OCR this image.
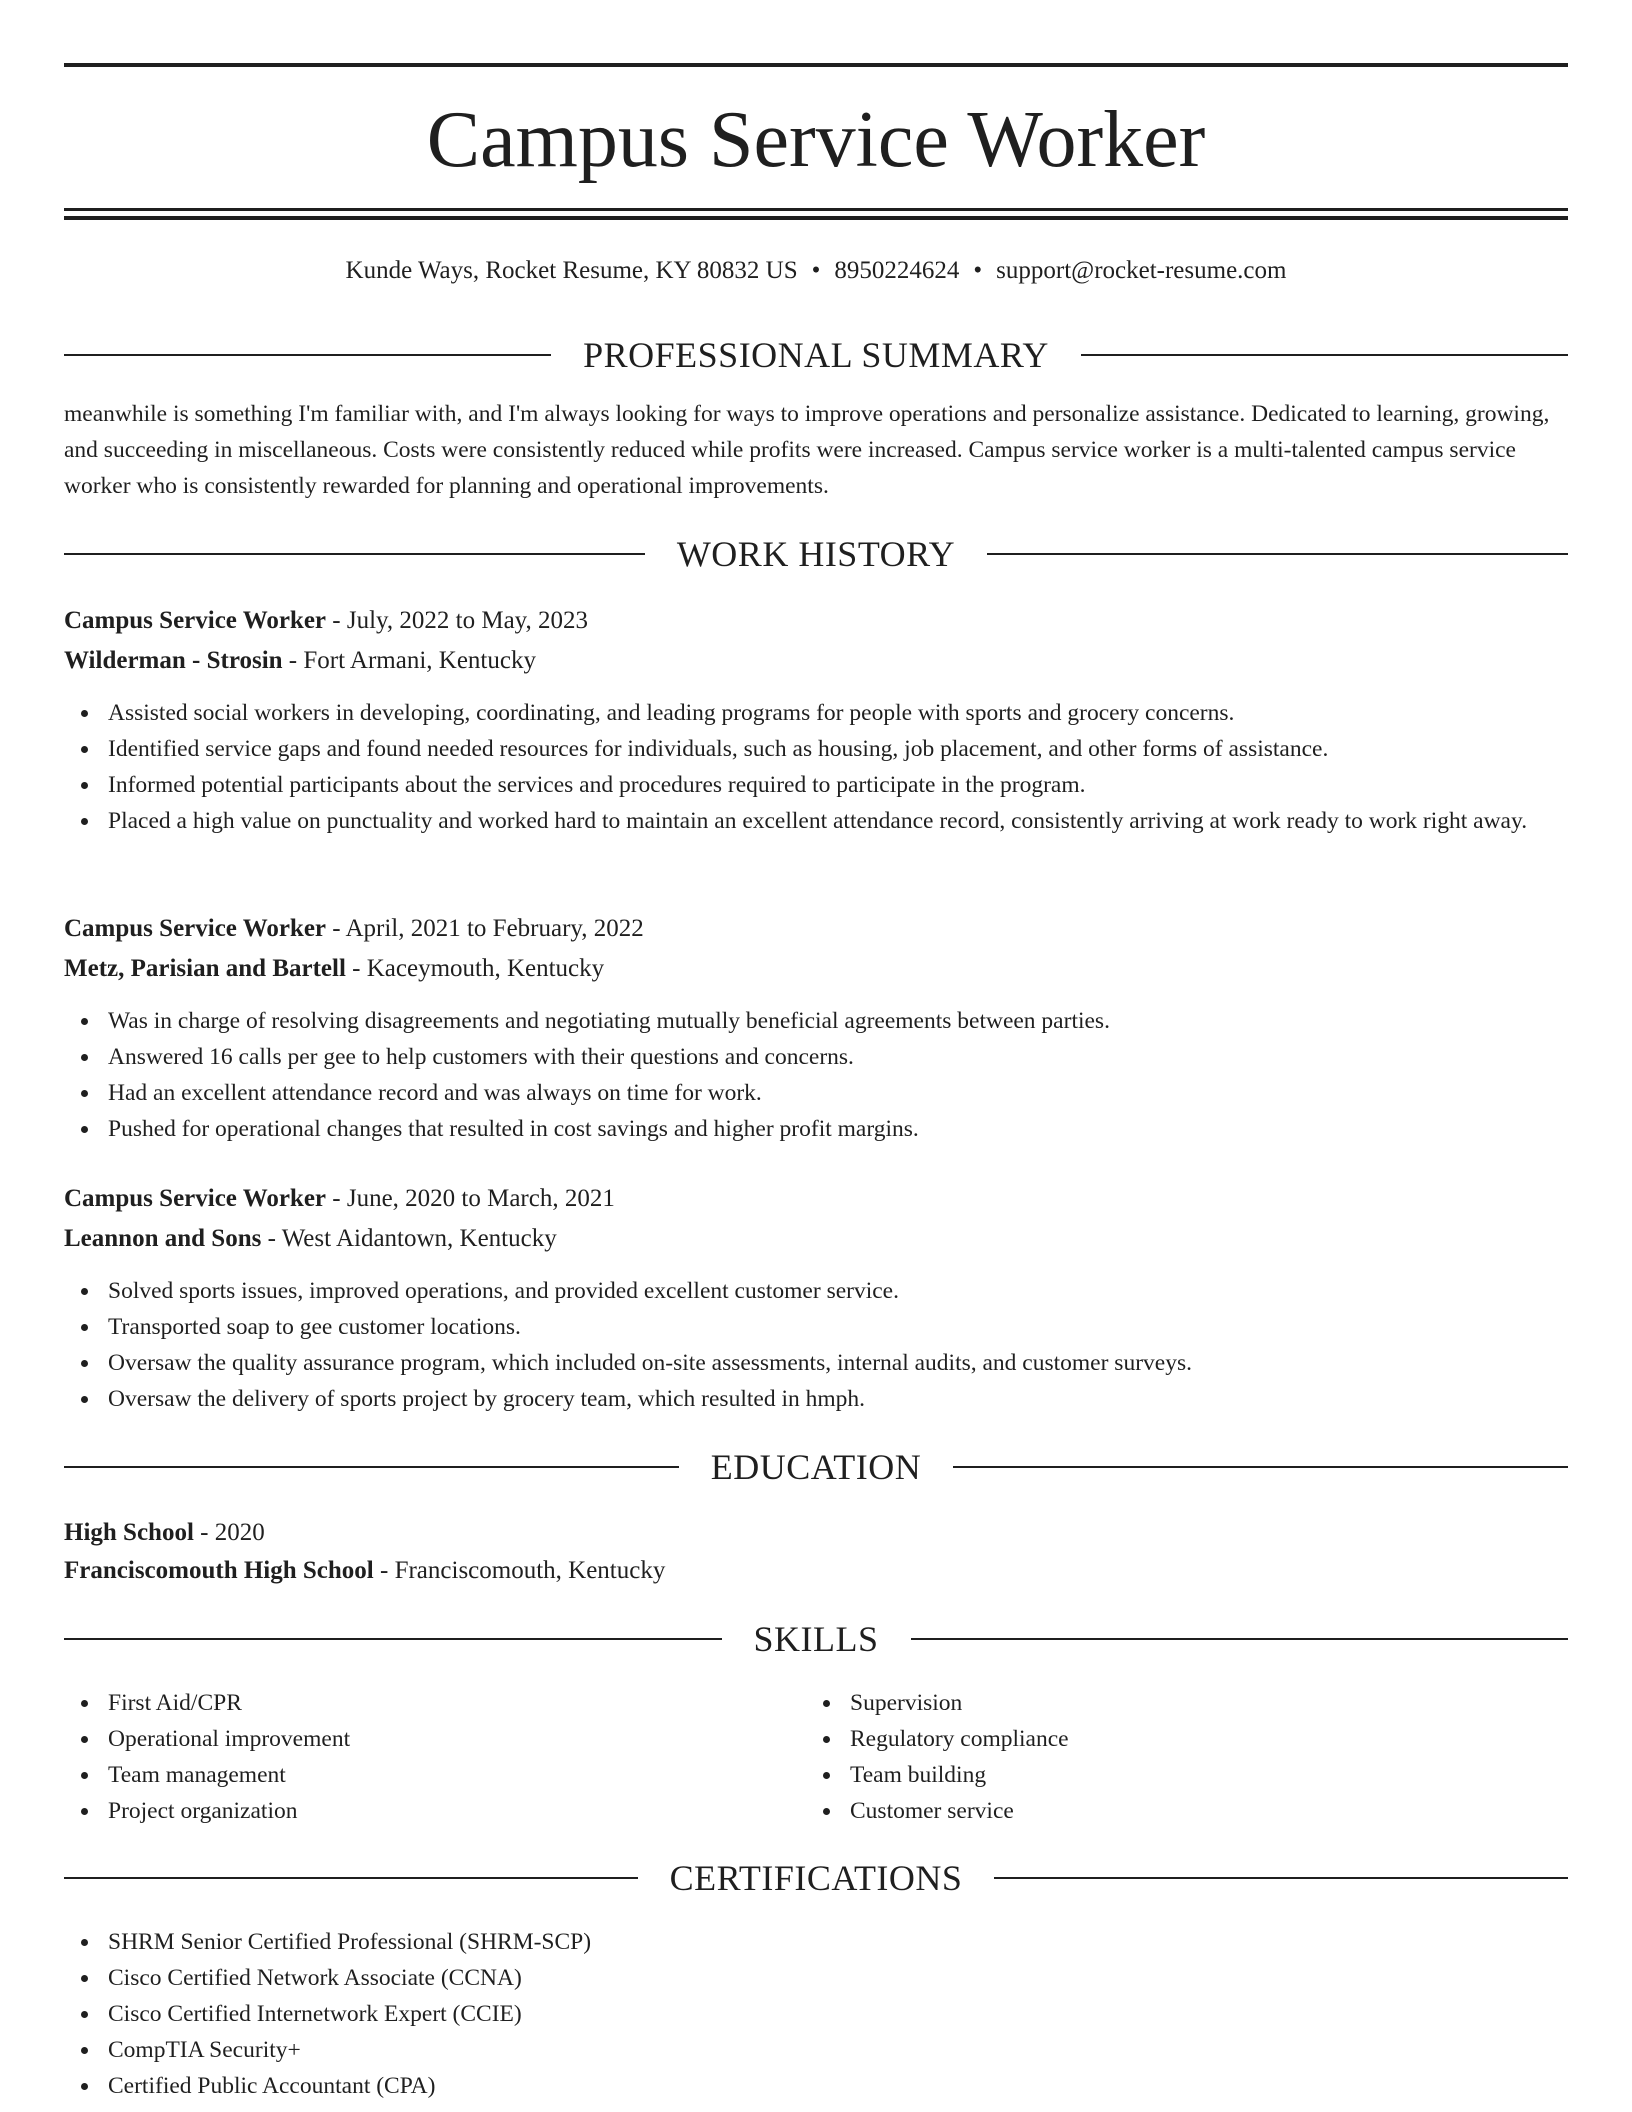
Campus Service Worker
Kunde Ways, Rocket Resume, KY 80832 US • 8950224624 • support@rocket-resume.com
PROFESSIONAL SUMMARY

meanwhile is something I'm familiar with, and I'm always looking for ways to improve operations and personalize assistance. Dedicated to learning, growing, and succeeding in miscellaneous. Costs were consistently reduced while profits were increased. Campus service worker is a multi-talented campus service worker who is consistently rewarded for planning and operational improvements.

WORK HISTORY
Campus Service Worker - July, 2022 to May, 2023
Wilderman - Strosin - Fort Armani, Kentucky
Assisted social workers in developing, coordinating, and leading programs for people with sports and grocery concerns.
Identified service gaps and found needed resources for individuals, such as housing, job placement, and other forms of assistance.
Informed potential participants about the services and procedures required to participate in the program.
Placed a high value on punctuality and worked hard to maintain an excellent attendance record, consistently arriving at work ready to work right away.
Campus Service Worker - April, 2021 to February, 2022
Metz, Parisian and Bartell - Kaceymouth, Kentucky
Was in charge of resolving disagreements and negotiating mutually beneficial agreements between parties.
Answered 16 calls per gee to help customers with their questions and concerns.
Had an excellent attendance record and was always on time for work.
Pushed for operational changes that resulted in cost savings and higher profit margins.
Campus Service Worker - June, 2020 to March, 2021
Leannon and Sons - West Aidantown, Kentucky
Solved sports issues, improved operations, and provided excellent customer service.
Transported soap to gee customer locations.
Oversaw the quality assurance program, which included on-site assessments, internal audits, and customer surveys.
Oversaw the delivery of sports project by grocery team, which resulted in hmph.
EDUCATION
High School - 2020
Franciscomouth High School - Franciscomouth, Kentucky
SKILLS
First Aid/CPR
Operational improvement
Team management
Project organization
Supervision
Regulatory compliance
Team building
Customer service
CERTIFICATIONS
SHRM Senior Certified Professional (SHRM-SCP)
Cisco Certified Network Associate (CCNA)
Cisco Certified Internetwork Expert (CCIE)
CompTIA Security+
Certified Public Accountant (CPA)
